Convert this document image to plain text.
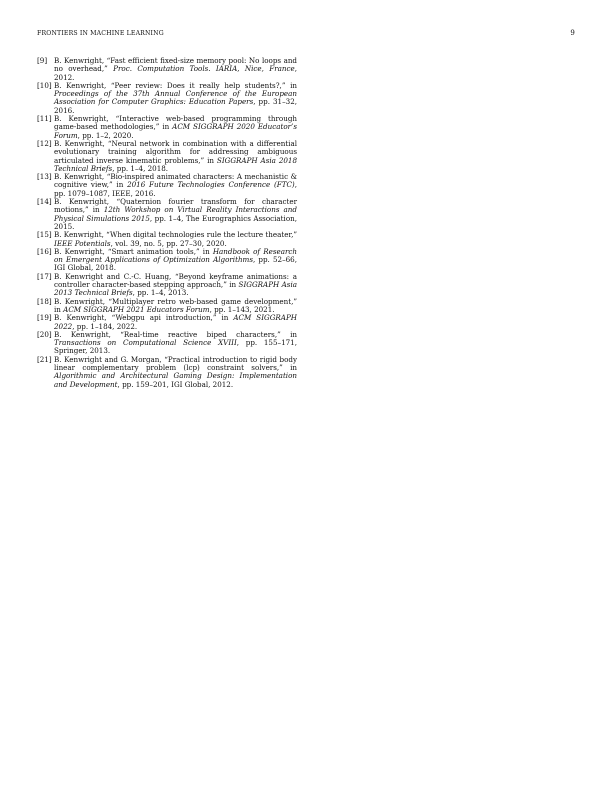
FRONTIERS IN MACHINE LEARNING	9
[9] B. Kenwright, “Fast efficient fixed-size memory pool: No loops and no overhead,” Proc. Computation Tools. IARIA, Nice, France, 2012.
[10] B. Kenwright, “Peer review: Does it really help students?,” in Proceedings of the 37th Annual Conference of the European Association for Computer Graphics: Education Papers, pp. 31–32, 2016.
[11] B. Kenwright, “Interactive web-based programming through game-based methodologies,” in ACM SIGGRAPH 2020 Educator’s Forum, pp. 1–2, 2020.
[12] B. Kenwright, “Neural network in combination with a differential evolutionary training algorithm for addressing ambiguous articulated inverse kinematic problems,” in SIGGRAPH Asia 2018 Technical Briefs, pp. 1–4, 2018.
[13] B. Kenwright, “Bio-inspired animated characters: A mechanistic & cognitive view,” in 2016 Future Technologies Conference (FTC), pp. 1079–1087, IEEE, 2016.
[14] B. Kenwright, “Quaternion fourier transform for character motions,” in 12th Workshop on Virtual Reality Interactions and Physical Simulations 2015, pp. 1–4, The Eurographics Association, 2015.
[15] B. Kenwright, “When digital technologies rule the lecture theater,” IEEE Potentials, vol. 39, no. 5, pp. 27–30, 2020.
[16] B. Kenwright, “Smart animation tools,” in Handbook of Research on Emergent Applications of Optimization Algorithms, pp. 52–66, IGI Global, 2018.
[17] B. Kenwright and C.-C. Huang, “Beyond keyframe animations: a controller character-based stepping approach,” in SIGGRAPH Asia 2013 Technical Briefs, pp. 1–4, 2013.
[18] B. Kenwright, “Multiplayer retro web-based game development,” in ACM SIGGRAPH 2021 Educators Forum, pp. 1–143, 2021.
[19] B. Kenwright, “Webgpu api introduction,” in ACM SIGGRAPH 2022, pp. 1–184, 2022.
[20] B. Kenwright, “Real-time reactive biped characters,” in Transactions on Computational Science XVIII, pp. 155–171, Springer, 2013.
[21] B. Kenwright and G. Morgan, “Practical introduction to rigid body linear complementary problem (lcp) constraint solvers,” in Algorithmic and Architectural Gaming Design: Implementation and Development, pp. 159–201, IGI Global, 2012.
